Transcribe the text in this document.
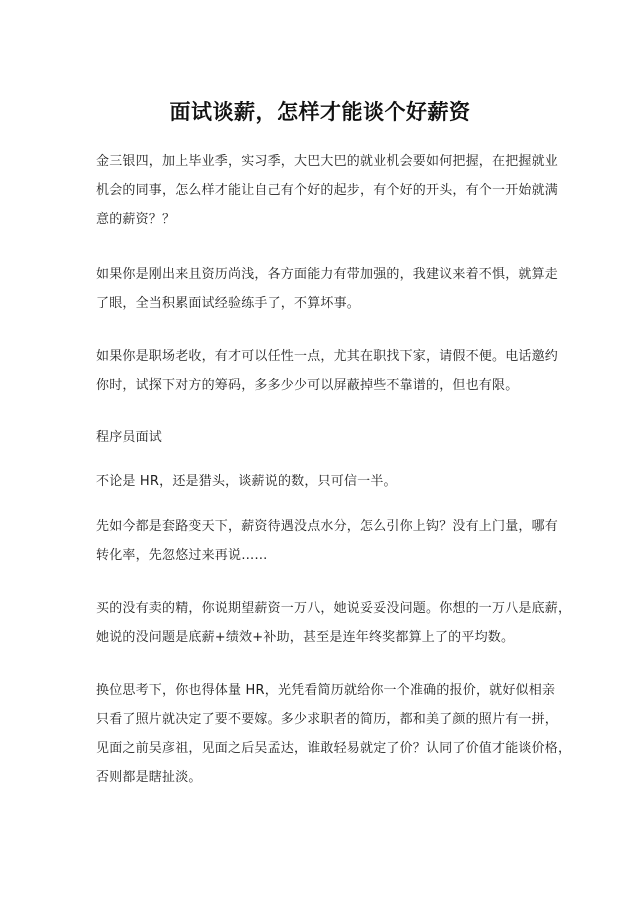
面试谈薪，怎样才能谈个好薪资

金三银四，加上毕业季，实习季，大巴大巴的就业机会要如何把握，在把握就业
机会的同事，怎么样才能让自己有个好的起步，有个好的开头，有个一开始就满
意的薪资？？

如果你是刚出来且资历尚浅，各方面能力有带加强的，我建议来着不惧，就算走
了眼，全当积累面试经验练手了，不算坏事。

如果你是职场老收，有才可以任性一点，尤其在职找下家，请假不便。电话邀约
你时，试探下对方的筹码，多多少少可以屏蔽掉些不靠谱的，但也有限。

程序员面试

不论是 HR，还是猎头，谈薪说的数，只可信一半。

先如今都是套路变天下，薪资待遇没点水分，怎么引你上钩？没有上门量，哪有
转化率，先忽悠过来再说……

买的没有卖的精，你说期望薪资一万八，她说妥妥没问题。你想的一万八是底薪，
她说的没问题是底薪+绩效+补助，甚至是连年终奖都算上了的平均数。

换位思考下，你也得体量 HR，光凭看简历就给你一个准确的报价，就好似相亲
只看了照片就决定了要不要嫁。多少求职者的简历，都和美了颜的照片有一拼，
见面之前吴彦祖，见面之后吴孟达，谁敢轻易就定了价？认同了价值才能谈价格，
否则都是瞎扯淡。
